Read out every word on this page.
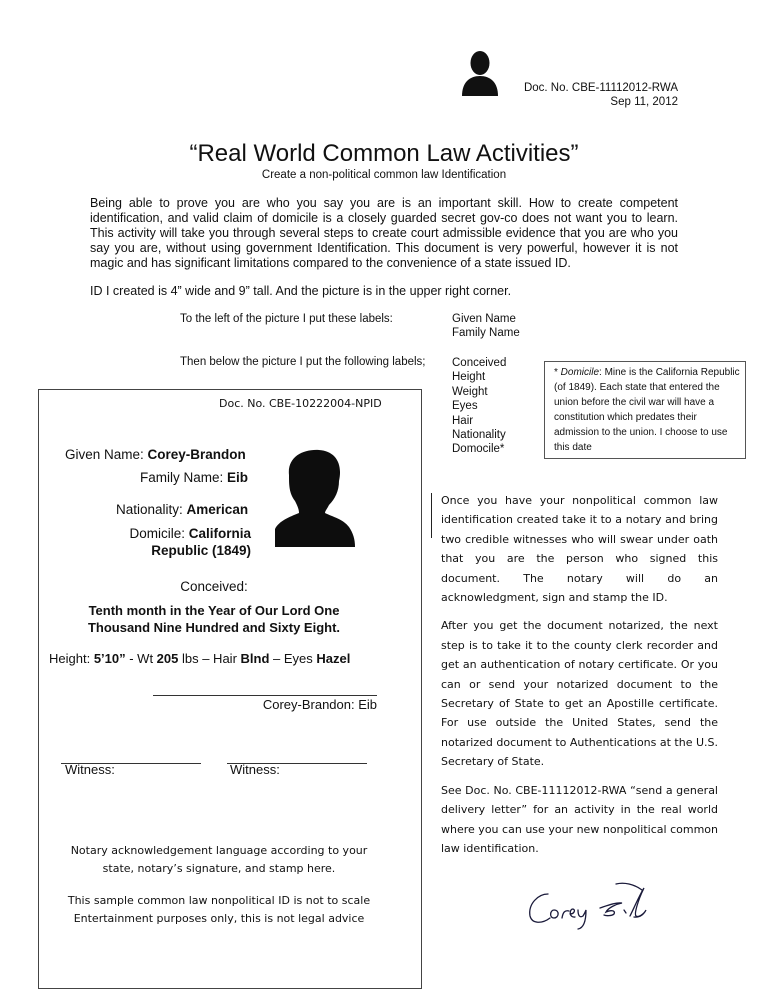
Doc. No. CBE-11112012-RWA
Sep 11, 2012
“Real World Common Law Activities”
Create a non-political common law Identification
Being able to prove you are who you say you are is an important skill. How to create competent identification, and valid claim of domicile is a closely guarded secret gov-co does not want you to learn. This activity will take you through several steps to create court admissible evidence that you are who you say you are, without using government Identification. This document is very powerful, however it is not magic and has significant limitations compared to the convenience of a state issued ID.
ID I created is 4” wide and 9” tall. And the picture is in the upper right corner.
To the left of the picture I put these labels:	Given Name
Family Name
Then below the picture I put the following labels; Conceived
Height
Weight
Eyes
Hair
Nationality
Domocile*
* Domicile: Mine is the California Republic (of 1849). Each state that entered the union before the civil war will have a constitution which predates their admission to the union. I choose to use this date
Doc. No. CBE-10222004-NPID
Given Name: Corey-Brandon
Family Name: Eib
Nationality: American
Domicile: California
Republic (1849)
Conceived:
Tenth month in the Year of Our Lord One
Thousand Nine Hundred and Sixty Eight.
Height: 5’10” - Wt 205 lbs – Hair Blnd – Eyes Hazel
Corey-Brandon: Eib
Witness:	Witness:
Notary acknowledgement language according to your
state, notary’s signature, and stamp here.
This sample common law nonpolitical ID is not to scale
Entertainment purposes only, this is not legal advice
Once you have your nonpolitical common law identification created take it to a notary and bring two credible witnesses who will swear under oath that you are the person who signed this document. The notary will do an acknowledgment, sign and stamp the ID.
After you get the document notarized, the next step is to take it to the county clerk recorder and get an authentication of notary certificate. Or you can or send your notarized document to the Secretary of State to get an Apostille certificate. For use outside the United States, send the notarized document to Authentications at the U.S. Secretary of State.
See Doc. No. CBE-11112012-RWA “send a general delivery letter” for an activity in the real world where you can use your new nonpolitical common law identification.
